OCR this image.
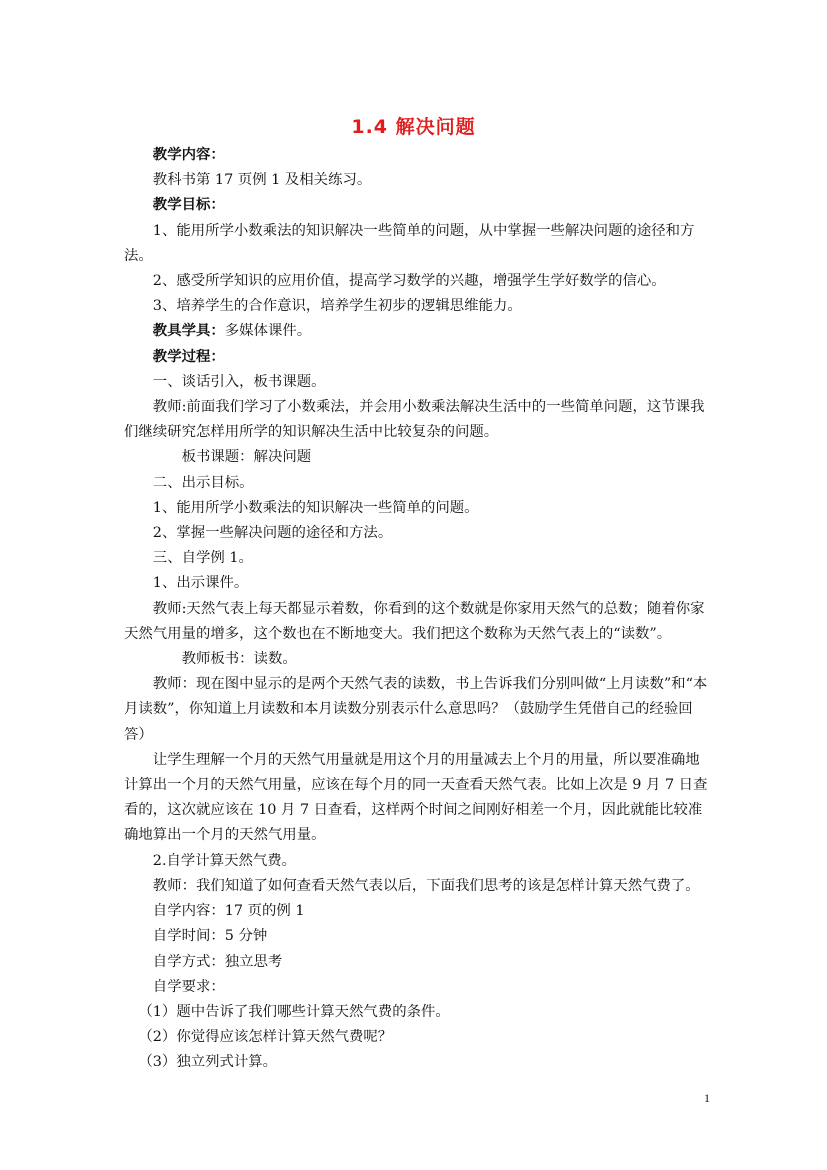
1.4 解决问题

教学内容：

教科书第 17 页例 1 及相关练习。

教学目标：

1、能用所学小数乘法的知识解决一些简单的问题，从中掌握一些解决问题的途径和方法。

2、感受所学知识的应用价值，提高学习数学的兴趣，增强学生学好数学的信心。

3、培养学生的合作意识，培养学生初步的逻辑思维能力。

教具学具：多媒体课件。

教学过程：

一、谈话引入，板书课题。

教师:前面我们学习了小数乘法，并会用小数乘法解决生活中的一些简单问题，这节课我们继续研究怎样用所学的知识解决生活中比较复杂的问题。

板书课题：解决问题

二、出示目标。

1、能用所学小数乘法的知识解决一些简单的问题。

2、掌握一些解决问题的途径和方法。

三、自学例 1。

1、出示课件。

教师:天然气表上每天都显示着数，你看到的这个数就是你家用天然气的总数；随着你家天然气用量的增多，这个数也在不断地变大。我们把这个数称为天然气表上的“读数”。

教师板书：读数。

教师：现在图中显示的是两个天然气表的读数，书上告诉我们分别叫做“上月读数”和“本月读数”，你知道上月读数和本月读数分别表示什么意思吗？（鼓励学生凭借自己的经验回答）

让学生理解一个月的天然气用量就是用这个月的用量减去上个月的用量，所以要准确地计算出一个月的天然气用量，应该在每个月的同一天查看天然气表。比如上次是 9 月 7 日查看的，这次就应该在 10 月 7 日查看，这样两个时间之间刚好相差一个月，因此就能比较准确地算出一个月的天然气用量。

2.自学计算天然气费。

教师：我们知道了如何查看天然气表以后，下面我们思考的该是怎样计算天然气费了。

自学内容：17 页的例 1

自学时间：5 分钟

自学方式：独立思考

自学要求：

（1）题中告诉了我们哪些计算天然气费的条件。

（2）你觉得应该怎样计算天然气费呢？

（3）独立列式计算。

1
